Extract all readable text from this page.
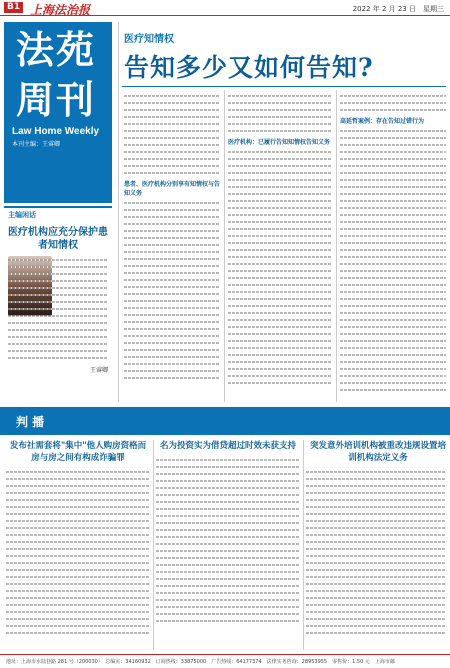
B1 上海法治报	2022 年 2 月 23 日　星期三
法苑
周刊
Law Home Weekly
本刊主编：王睿卿
医疗知情权
告知多少又如何告知?
主编闲话
医疗机构应充分保护患者知情权
王睿卿
患者、医疗机构分别享有知情权与告知义务
医疗机构：已履行告知知情权告知义务
高延哲案例：存在告知过错行为
判 播
发布社需套将"集中"他人购房资格而房与房之间有构成诈骗罪
名为投资实为借贷超过时效未获支持	突发意外培训机构被重改违规设置培训机构法定义务
地址：上海市水陆巷路 281 号（200030）　总编室：34160932　订阅热线：33875000　广告热线：64177374　法律实务咨询：28953955　零售价：1.50 元　上海市邮
